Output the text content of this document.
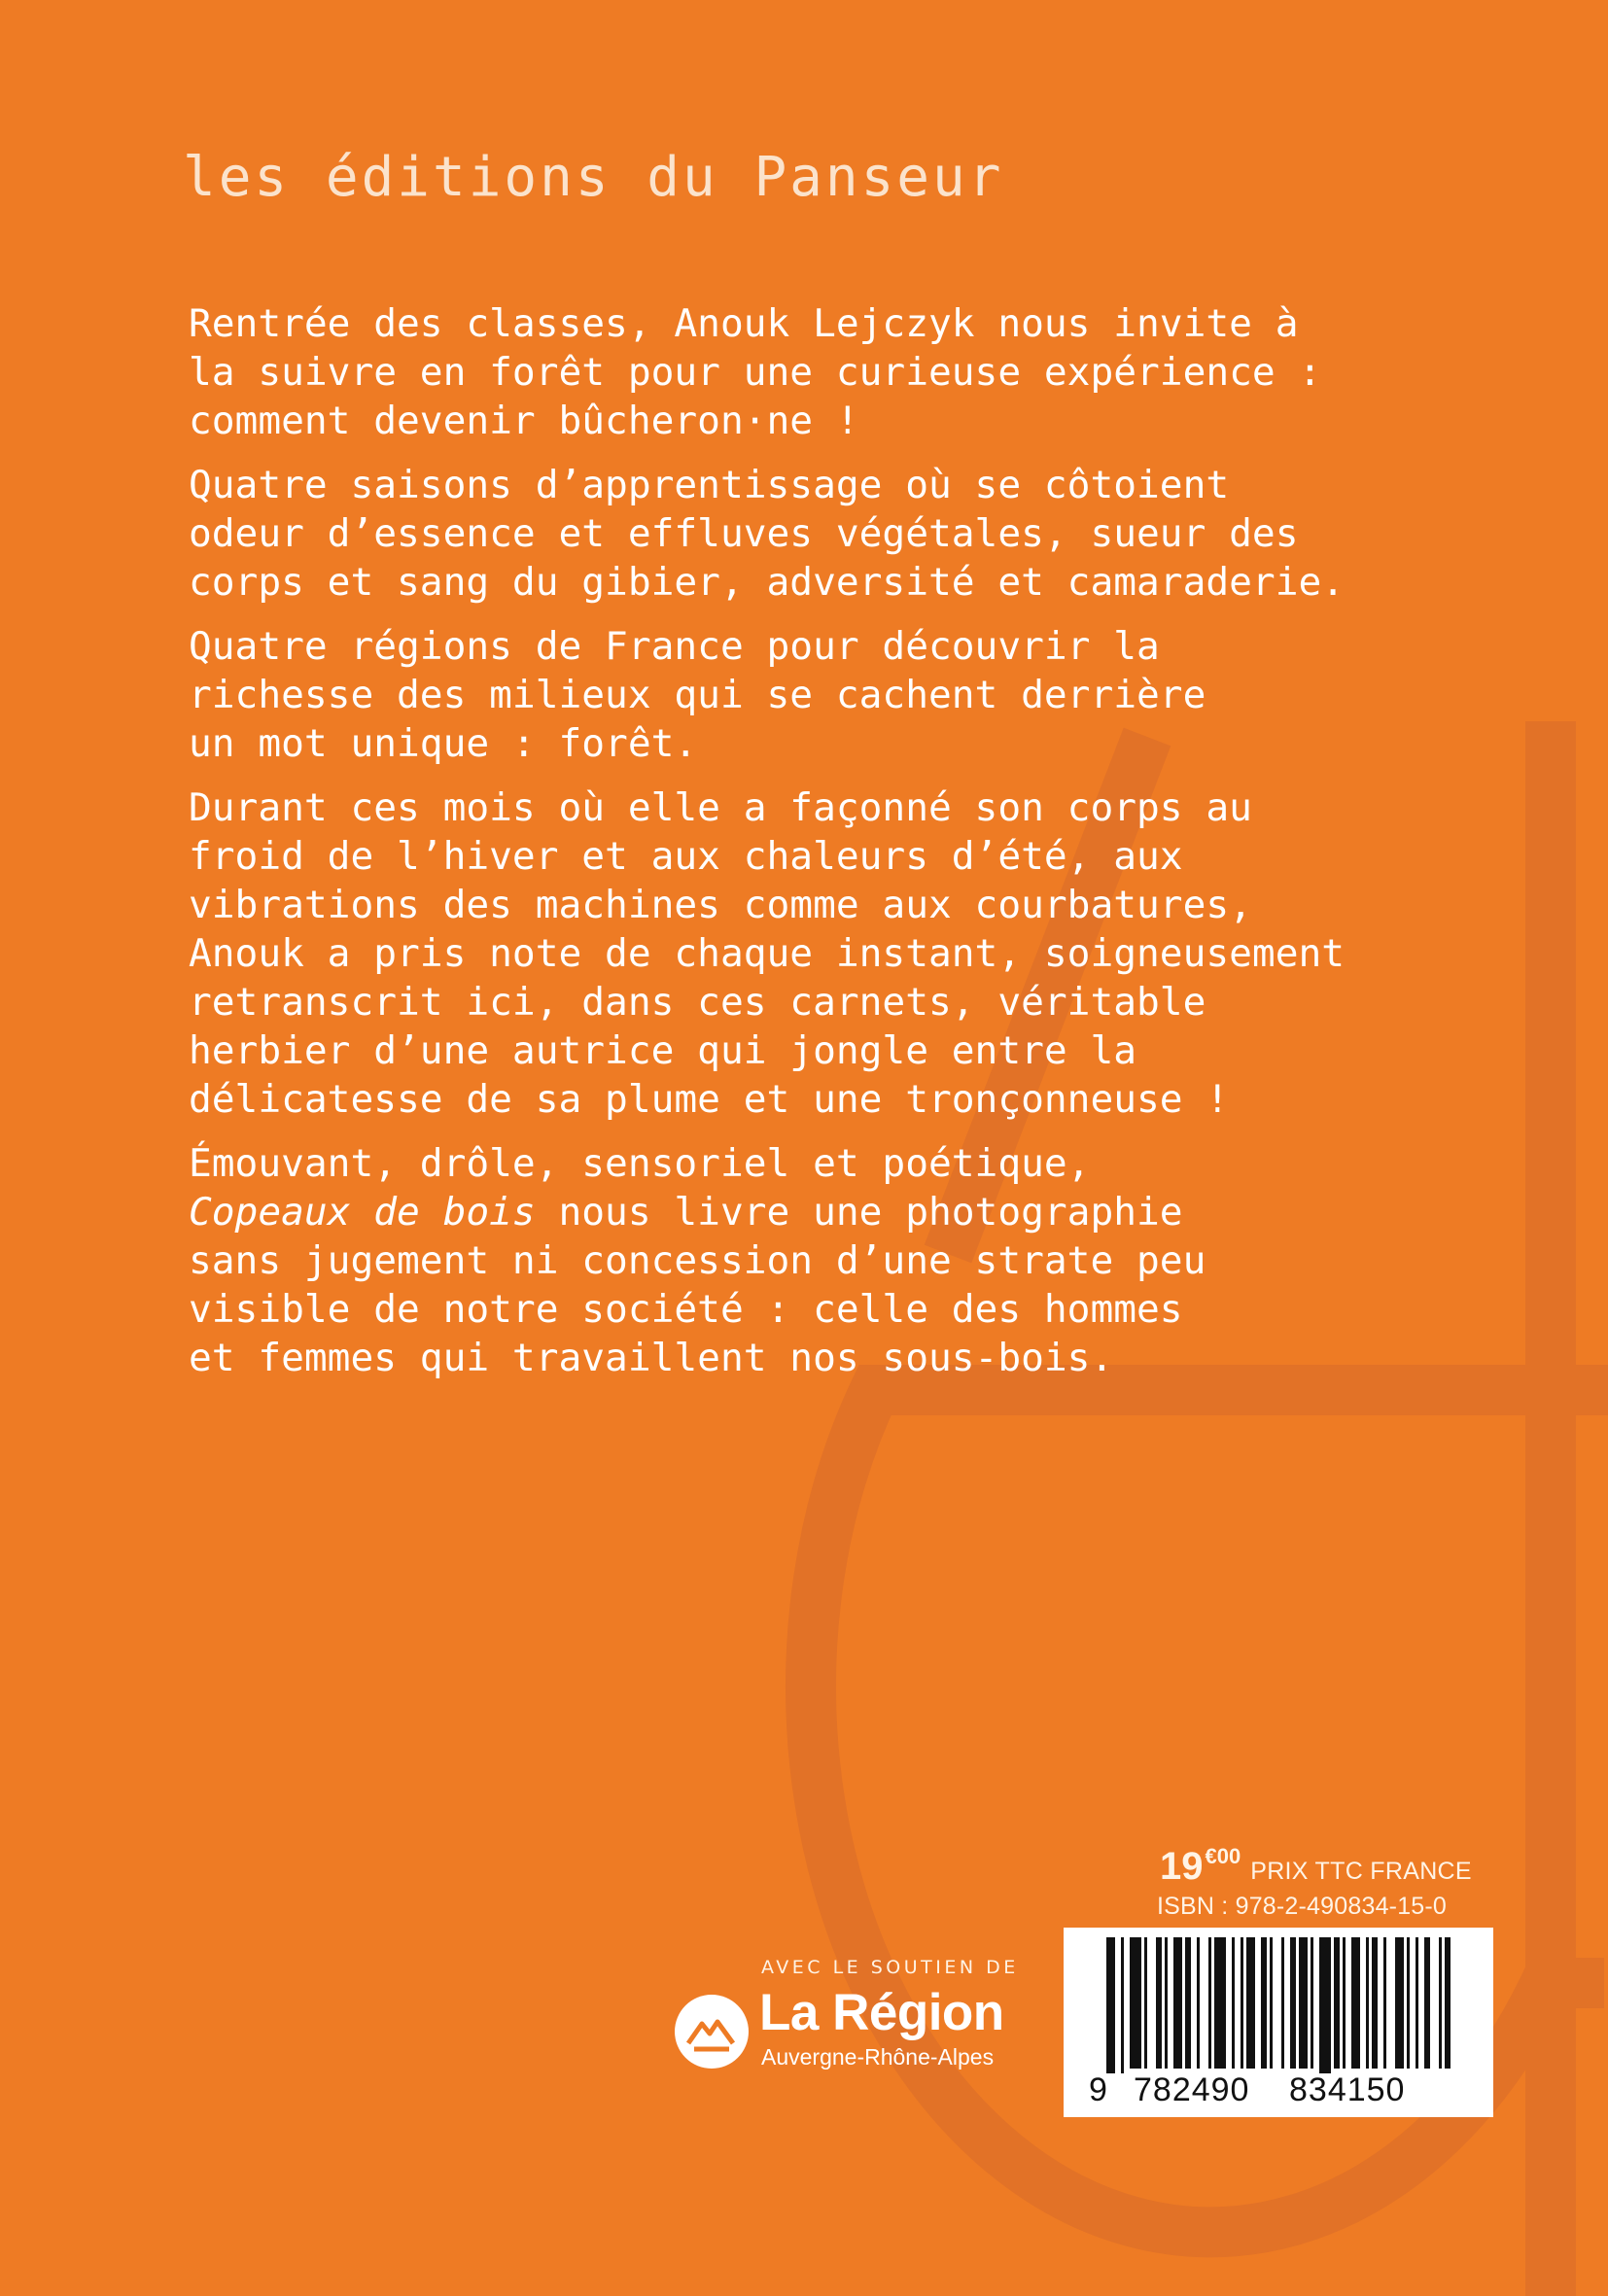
les éditions du Panseur
Rentrée des classes, Anouk Lejczyk nous invite à
la suivre en forêt pour une curieuse expérience :
comment devenir bûcheron·ne !
Quatre saisons d’apprentissage où se côtoient
odeur d’essence et effluves végétales, sueur des
corps et sang du gibier, adversité et camaraderie.
Quatre régions de France pour découvrir la
richesse des milieux qui se cachent derrière
un mot unique : forêt.
Durant ces mois où elle a façonné son corps au
froid de l’hiver et aux chaleurs d’été, aux
vibrations des machines comme aux courbatures,
Anouk a pris note de chaque instant, soigneusement
retranscrit ici, dans ces carnets, véritable
herbier d’une autrice qui jongle entre la
délicatesse de sa plume et une tronçonneuse !
Émouvant, drôle, sensoriel et poétique,
Copeaux de bois nous livre une photographie
sans jugement ni concession d’une strate peu
visible de notre société : celle des hommes
et femmes qui travaillent nos sous-bois.
19€00PRIX TTC FRANCE
ISBN : 978-2-490834-15-0
9 782490 834150
AVEC LE SOUTIEN DE
La Région
Auvergne-Rhône-Alpes
